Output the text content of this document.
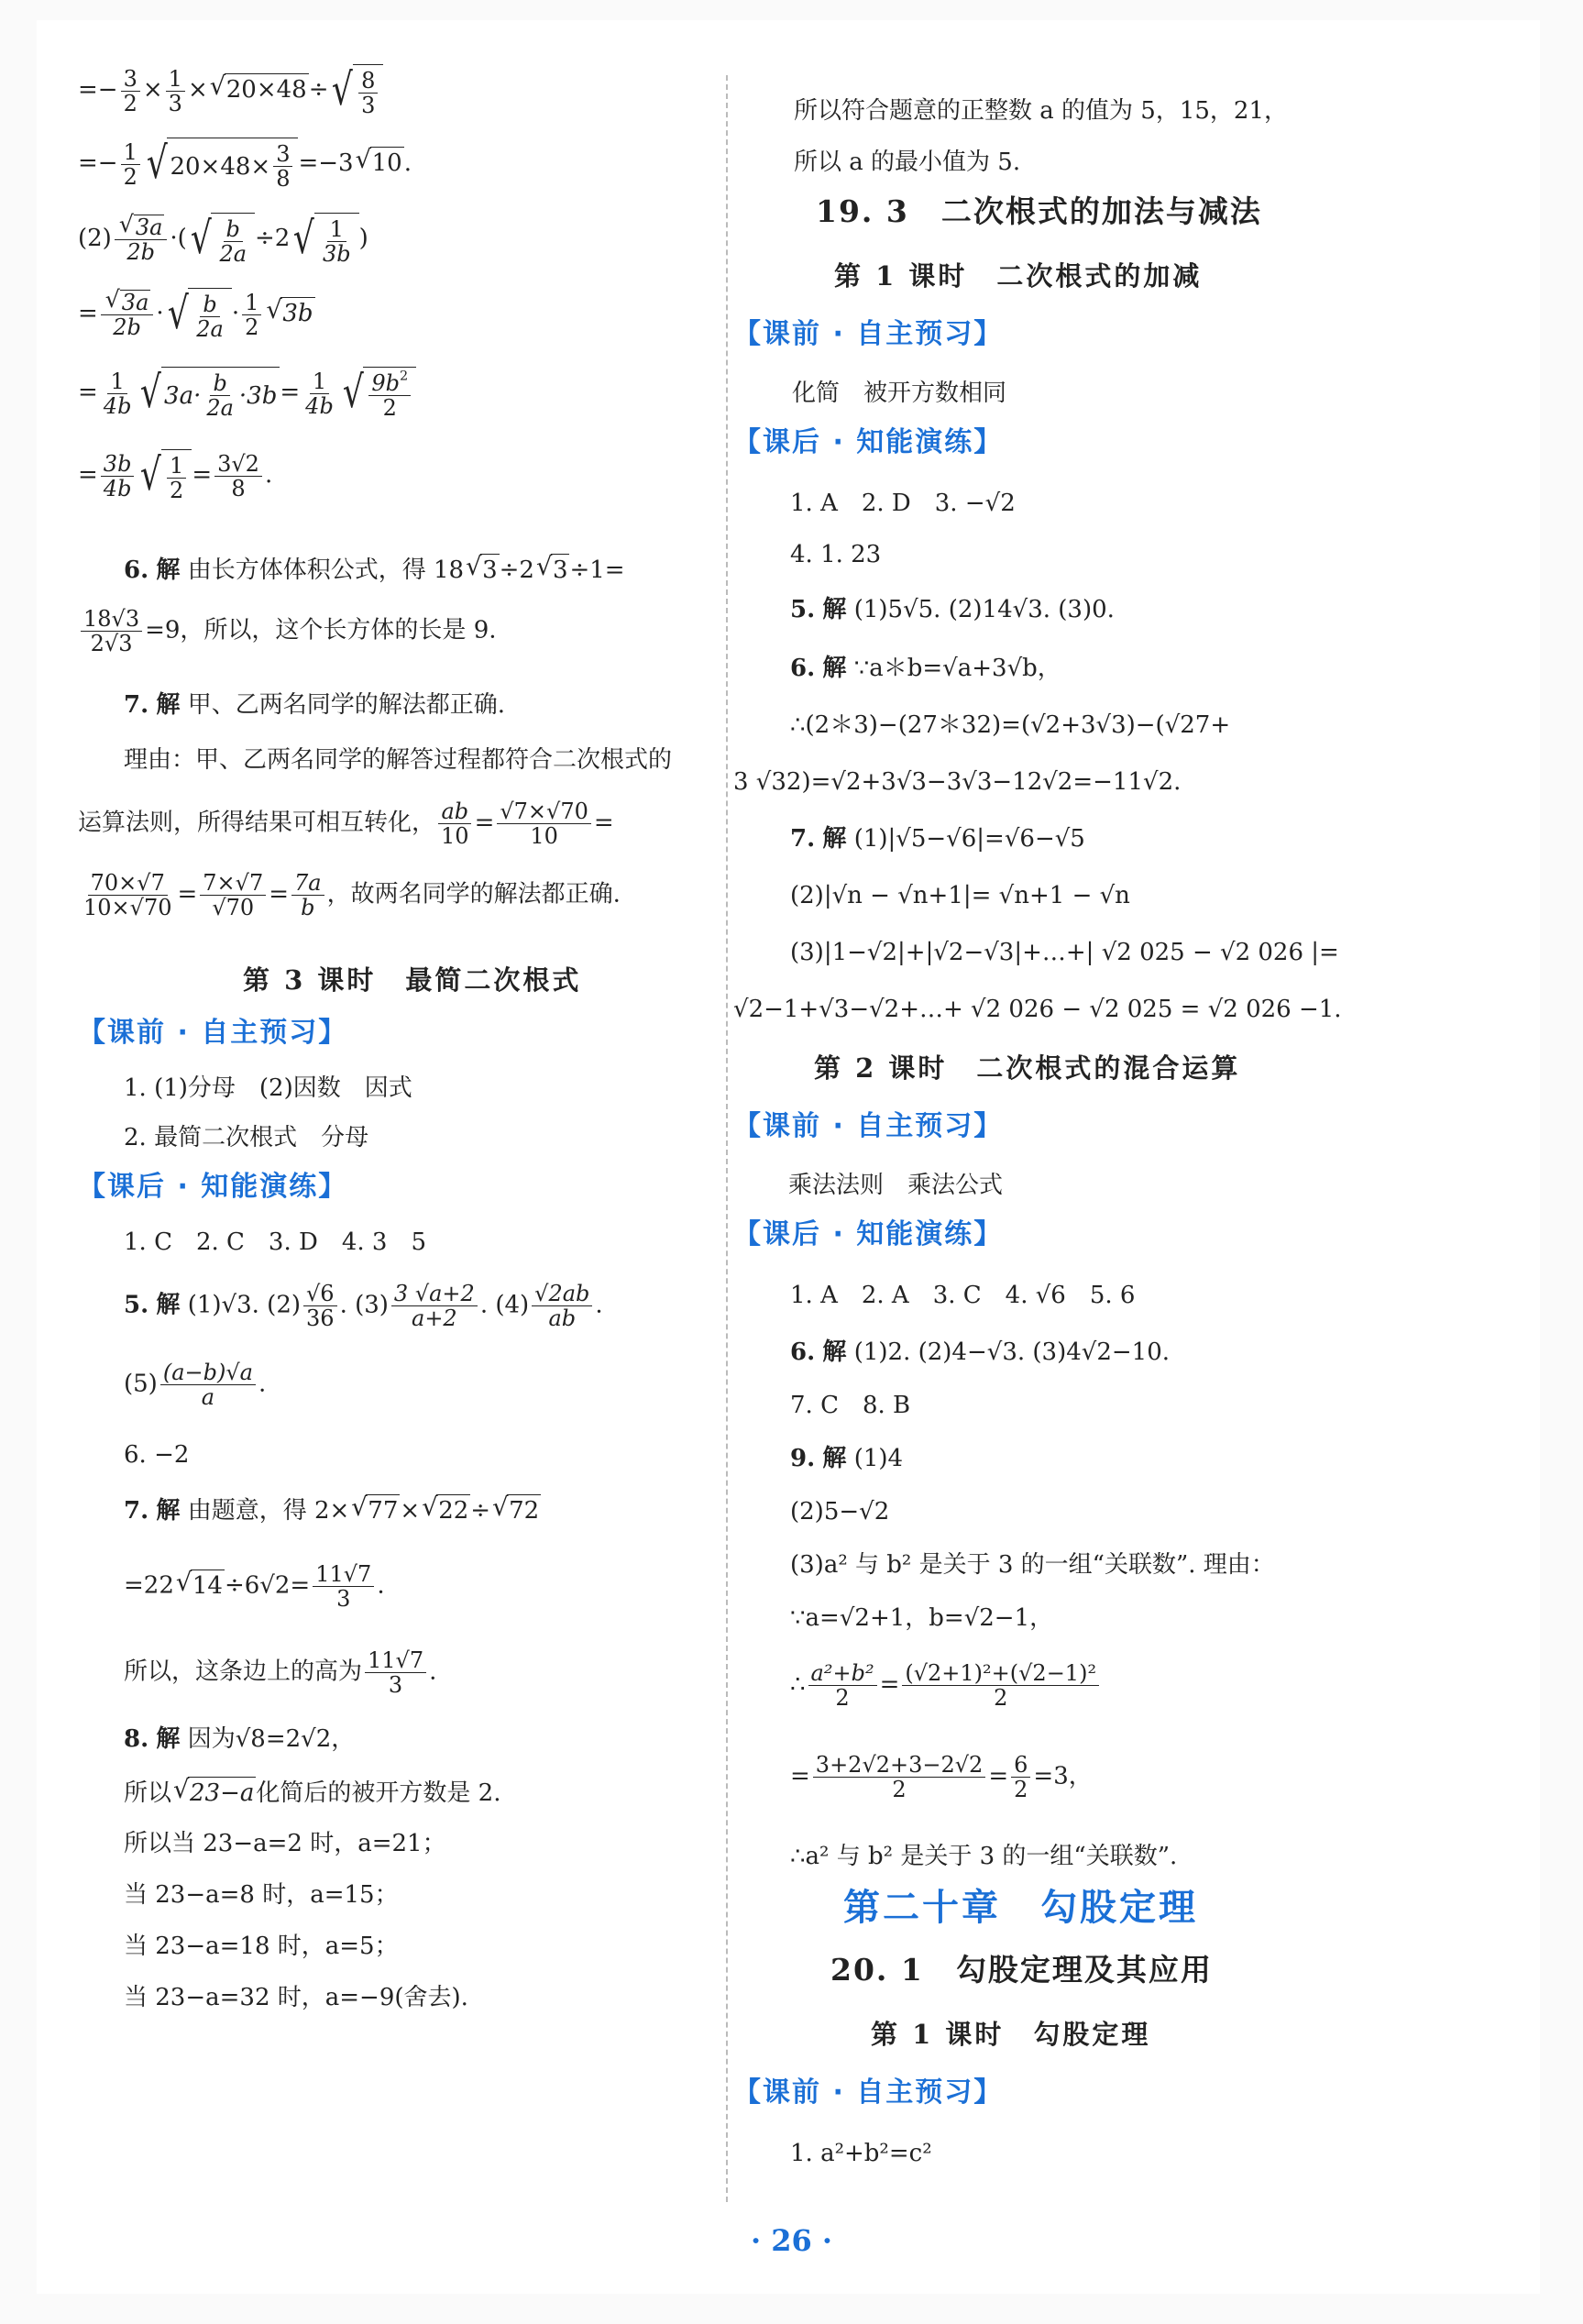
=− $\frac{3}{2} \times \frac{1}{3}$ ×√ 20×48÷ √ $\frac{8}{3}$
=− $\frac{1}{2}$ √ $20\times 48\times \frac{3}{8} =-3√$ 10.
(2)
√ $\frac{3a}{2b}$ ·( √ $\frac{b}{2a} \div 2$ √ $\frac{1}{3b}$ )
=
√ $\frac{3a}{2b}$ · √ $\frac{b}{2a} \cdot \frac{1}{2}$
√ 3b
= $\frac{1}{4b}$ √ $3a\cdot \frac{b}{2a} \cdot 3b = \frac{1}{4b}$ √ $\frac{9b^2}{2}$
= $\frac{3b}{4b}$ √ $\frac{1}{2} = \frac{3√2}{8}$ .
6. 解 由长方体体积公式，得 18√ 3÷2√ 3÷1=
$\frac{18√3}{2√3} =9$，所以，这个长方体的长是 9.
7. 解 甲、乙两名同学的解法都正确.
理由：甲、乙两名同学的解答过程都符合二次根式的
运算法则，所得结果可相互转化， $\frac{ab}{10} = \frac{√7\times√70}{10}$ =
$\frac{70\times√7}{10\times√70} = \frac{7\times√7}{√70} = \frac{7a}{b}$ ，故两名同学的解法都正确.
第 3 课时　最简二次根式
【课前 · 自主预习】
1. (1)分母　(2)因数　因式
2. 最简二次根式　分母
【课后 · 知能演练】
1. C　2. C　3. D　4. 3　5
5. 解 (1)√3. $(2) \frac{√6}{36}$ . $(3) \frac{3 √a+2}{a+2}$ . $(4) \frac{√2ab}{ab}$ .
$(5) \frac{(a-b)√a}{a}$ .
6. −2
7. 解 由题意，得 2×√ 77×√ 22÷√ 72
=22√ $14\div 6√2= \frac{11√7}{3}$ .
所以，这条边上的高为 $\frac{11√7}{3}$ .
8. 解 因为√8=2√2，
所以√ 23−a化简后的被开方数是 2.
所以当 23−a=2 时，a=21；
当 23−a=8 时，a=15；
当 23−a=18 时，a=5；
当 23−a=32 时，a=−9(舍去).
所以符合题意的正整数 a 的值为 5，15，21，
所以 a 的最小值为 5.
19. 3　二次根式的加法与减法
第 1 课时　二次根式的加减
【课前 · 自主预习】
化简　被开方数相同
【课后 · 知能演练】
1. A　2. D　3. −√2
4. 1. 23
5. 解 (1)5√5. (2)14√3. (3)0.
6. 解 ∵a＊b=√a+3√b，
∴(2＊3)−(27＊32)=(√2+3√3)−(√27+
3 √32)=√2+3√3−3√3−12√2=−11√2.
7. 解 (1)|√5−√6|=√6−√5
(2)|√n − √n+1|= √n+1 − √n
(3)|1−√2|+|√2−√3|+…+| √2 025 − √2 026 |=
√2−1+√3−√2+…+ √2 026 − √2 025 = √2 026 −1.
第 2 课时　二次根式的混合运算
【课前 · 自主预习】
乘法法则　乘法公式
【课后 · 知能演练】
1. A　2. A　3. C　4. √6　5. 6
6. 解 (1)2. (2)4−√3. (3)4√2−10.
7. C　8. B
9. 解 (1)4
(2)5−√2
(3)a² 与 b² 是关于 3 的一组“关联数”. 理由：
∵a=√2+1，b=√2−1，
∴ $\frac{\text{a²+b²}}{2} = \frac{\text{(√2+1)²+(√2−1)²}}{2}$
= $\frac{3+2√2+3-2√2}{2} = \frac{6}{2} =3$，
∴a² 与 b² 是关于 3 的一组“关联数”.
第二十章　勾股定理
20. 1　勾股定理及其应用
第 1 课时　勾股定理
【课前 · 自主预习】
1. a²+b²=c²
· 26 ·
